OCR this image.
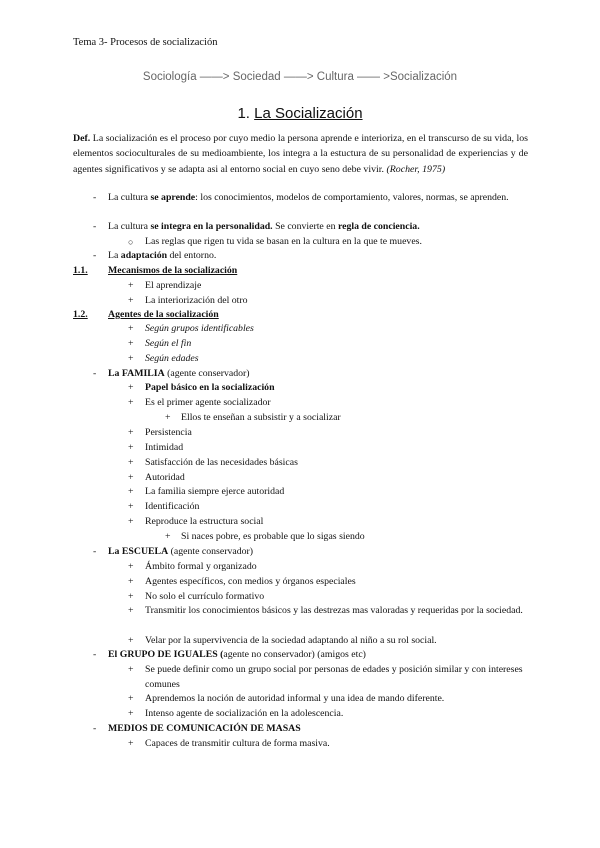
Tema 3- Procesos de socialización
Sociología ——> Sociedad ——> Cultura —— >Socialización
1. La Socialización
Def. La socialización es el proceso por cuyo medio la persona aprende e interioriza, en el transcurso de su vida, los elementos socioculturales de su medioambiente, los integra a la estuctura de su personalidad de experiencias y de agentes significativos y se adapta asi al entorno social en cuyo seno debe vivir. (Rocher, 1975)
- La cultura se aprende: los conocimientos, modelos de comportamiento, valores, normas, se aprenden.
- La cultura se integra en la personalidad. Se convierte en regla de conciencia.
○ Las reglas que rigen tu vida se basan en la cultura en la que te mueves.
- La adaptación del entorno.
1.1. Mecanismos de la socialización
+ El aprendizaje
+ La interiorización del otro
1.2. Agentes de la socialización
+ Según grupos identificables
+ Según el fin
+ Según edades
- La FAMILIA (agente conservador)
+ Papel básico en la socialización
+ Es el primer agente socializador
+ Ellos te enseñan a subsistir y a socializar
+ Persistencia
+ Intimidad
+ Satisfacción de las necesidades básicas
+ Autoridad
+ La familia siempre ejerce autoridad
+ Identificación
+ Reproduce la estructura social
+ Si naces pobre, es probable que lo sigas siendo
- La ESCUELA (agente conservador)
+ Ámbito formal y organizado
+ Agentes específicos, con medios y órganos especiales
+ No solo el currículo formativo
+ Transmitir los conocimientos básicos y las destrezas mas valoradas y requeridas por la sociedad.
+ Velar por la supervivencia de la sociedad adaptando al niño a su rol social.
- El GRUPO DE IGUALES (agente no conservador) (amigos etc)
+ Se puede definir como un grupo social por personas de edades y posición similar y con intereses comunes
+ Aprendemos la noción de autoridad informal y una idea de mando diferente.
+ Intenso agente de socialización en la adolescencia.
- MEDIOS DE COMUNICACIÓN DE MASAS
+ Capaces de transmitir cultura de forma masiva.
